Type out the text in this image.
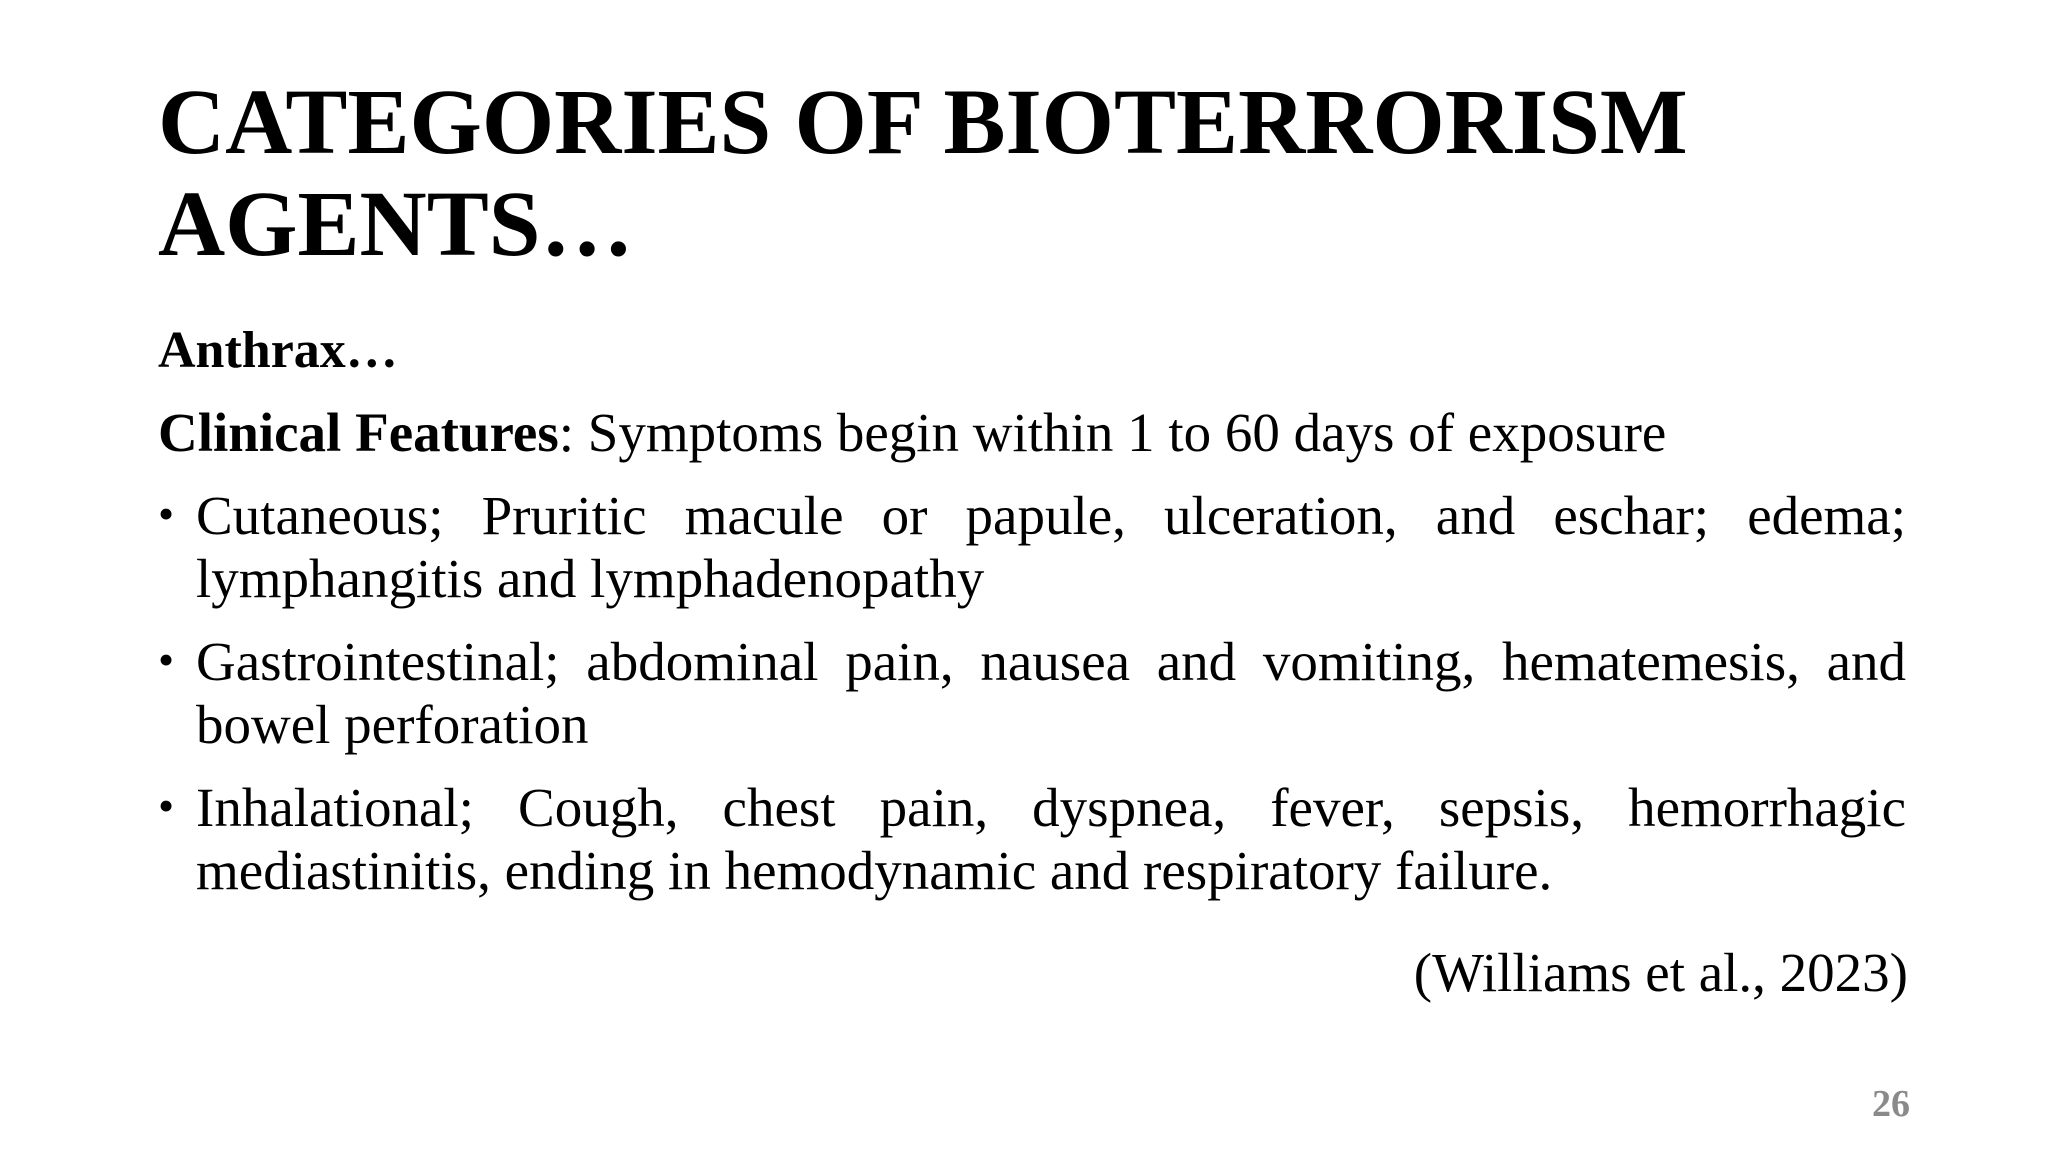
CATEGORIES OF BIOTERRORISM
AGENTS…

Anthrax…

Clinical Features: Symptoms begin within 1 to 60 days of exposure

• Cutaneous; Pruritic macule or papule, ulceration, and eschar; edema; lymphangitis and lymphadenopathy
• Gastrointestinal; abdominal pain, nausea and vomiting, hematemesis, and bowel perforation
• Inhalational; Cough, chest pain, dyspnea, fever, sepsis, hemorrhagic mediastinitis, ending in hemodynamic and respiratory failure.
(Williams et al., 2023)
26
